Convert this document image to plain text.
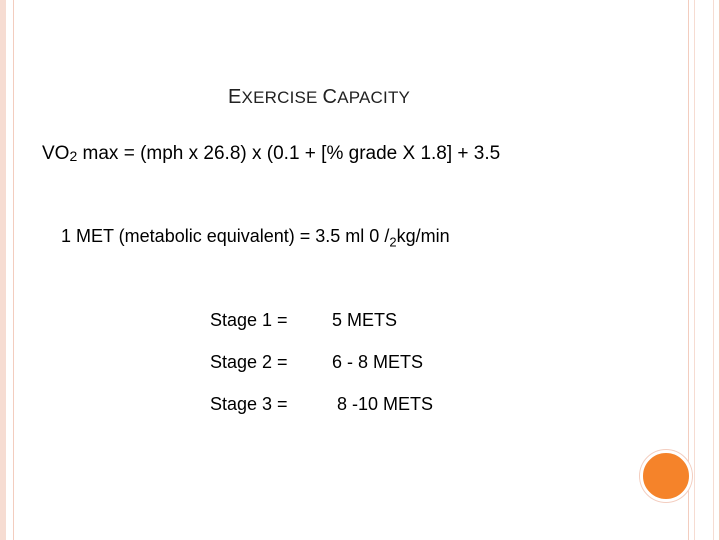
EXERCISE CAPACITY
$VO_2$ max = (mph x 26.8) x (0.1 + [% grade X 1.8] + 3.5
1 MET (metabolic equivalent) = 3.5 ml 0 $/_2kg/\min$
Stage 1 = 5 METS
Stage 2 = 6 - 8 METS
Stage 3 = 8 -10 METS
